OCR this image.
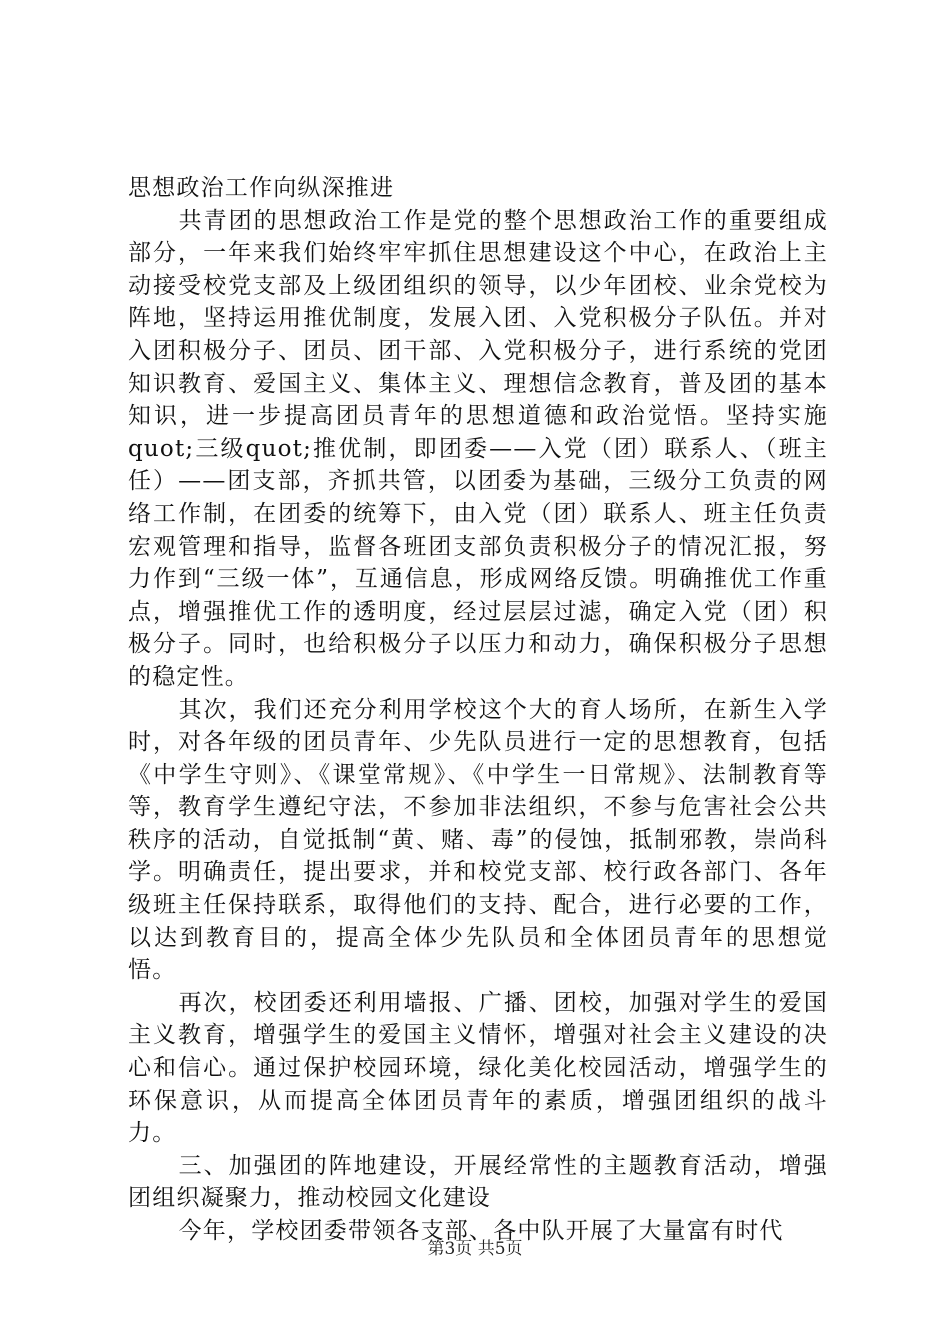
思想政治工作向纵深推进

共青团的思想政治工作是党的整个思想政治工作的重要组成部分，一年来我们始终牢牢抓住思想建设这个中心，在政治上主动接受校党支部及上级团组织的领导，以少年团校、业余党校为阵地，坚持运用推优制度，发展入团、入党积极分子队伍。并对入团积极分子、团员、团干部、入党积极分子，进行系统的党团知识教育、爱国主义、集体主义、理想信念教育，普及团的基本知识，进一步提高团员青年的思想道德和政治觉悟。坚持实施quot;三级quot;推优制，即团委——入党（团）联系人、（班主任）——团支部，齐抓共管，以团委为基础，三级分工负责的网络工作制，在团委的统筹下，由入党（团）联系人、班主任负责宏观管理和指导，监督各班团支部负责积极分子的情况汇报，努力作到“三级一体”，互通信息，形成网络反馈。明确推优工作重点，增强推优工作的透明度，经过层层过滤，确定入党（团）积极分子。同时，也给积极分子以压力和动力，确保积极分子思想的稳定性。

其次，我们还充分利用学校这个大的育人场所，在新生入学时，对各年级的团员青年、少先队员进行一定的思想教育，包括《中学生守则》、《课堂常规》、《中学生一日常规》、法制教育等等，教育学生遵纪守法，不参加非法组织，不参与危害社会公共秩序的活动，自觉抵制“黄、赌、毒”的侵蚀，抵制邪教，崇尚科学。明确责任，提出要求，并和校党支部、校行政各部门、各年级班主任保持联系，取得他们的支持、配合，进行必要的工作，以达到教育目的，提高全体少先队员和全体团员青年的思想觉悟。

再次，校团委还利用墙报、广播、团校，加强对学生的爱国主义教育，增强学生的爱国主义情怀，增强对社会主义建设的决心和信心。通过保护校园环境，绿化美化校园活动，增强学生的环保意识，从而提高全体团员青年的素质，增强团组织的战斗力。

三、加强团的阵地建设，开展经常性的主题教育活动，增强团组织凝聚力，推动校园文化建设

今年，学校团委带领各支部、各中队开展了大量富有时代

第3页 共5页
